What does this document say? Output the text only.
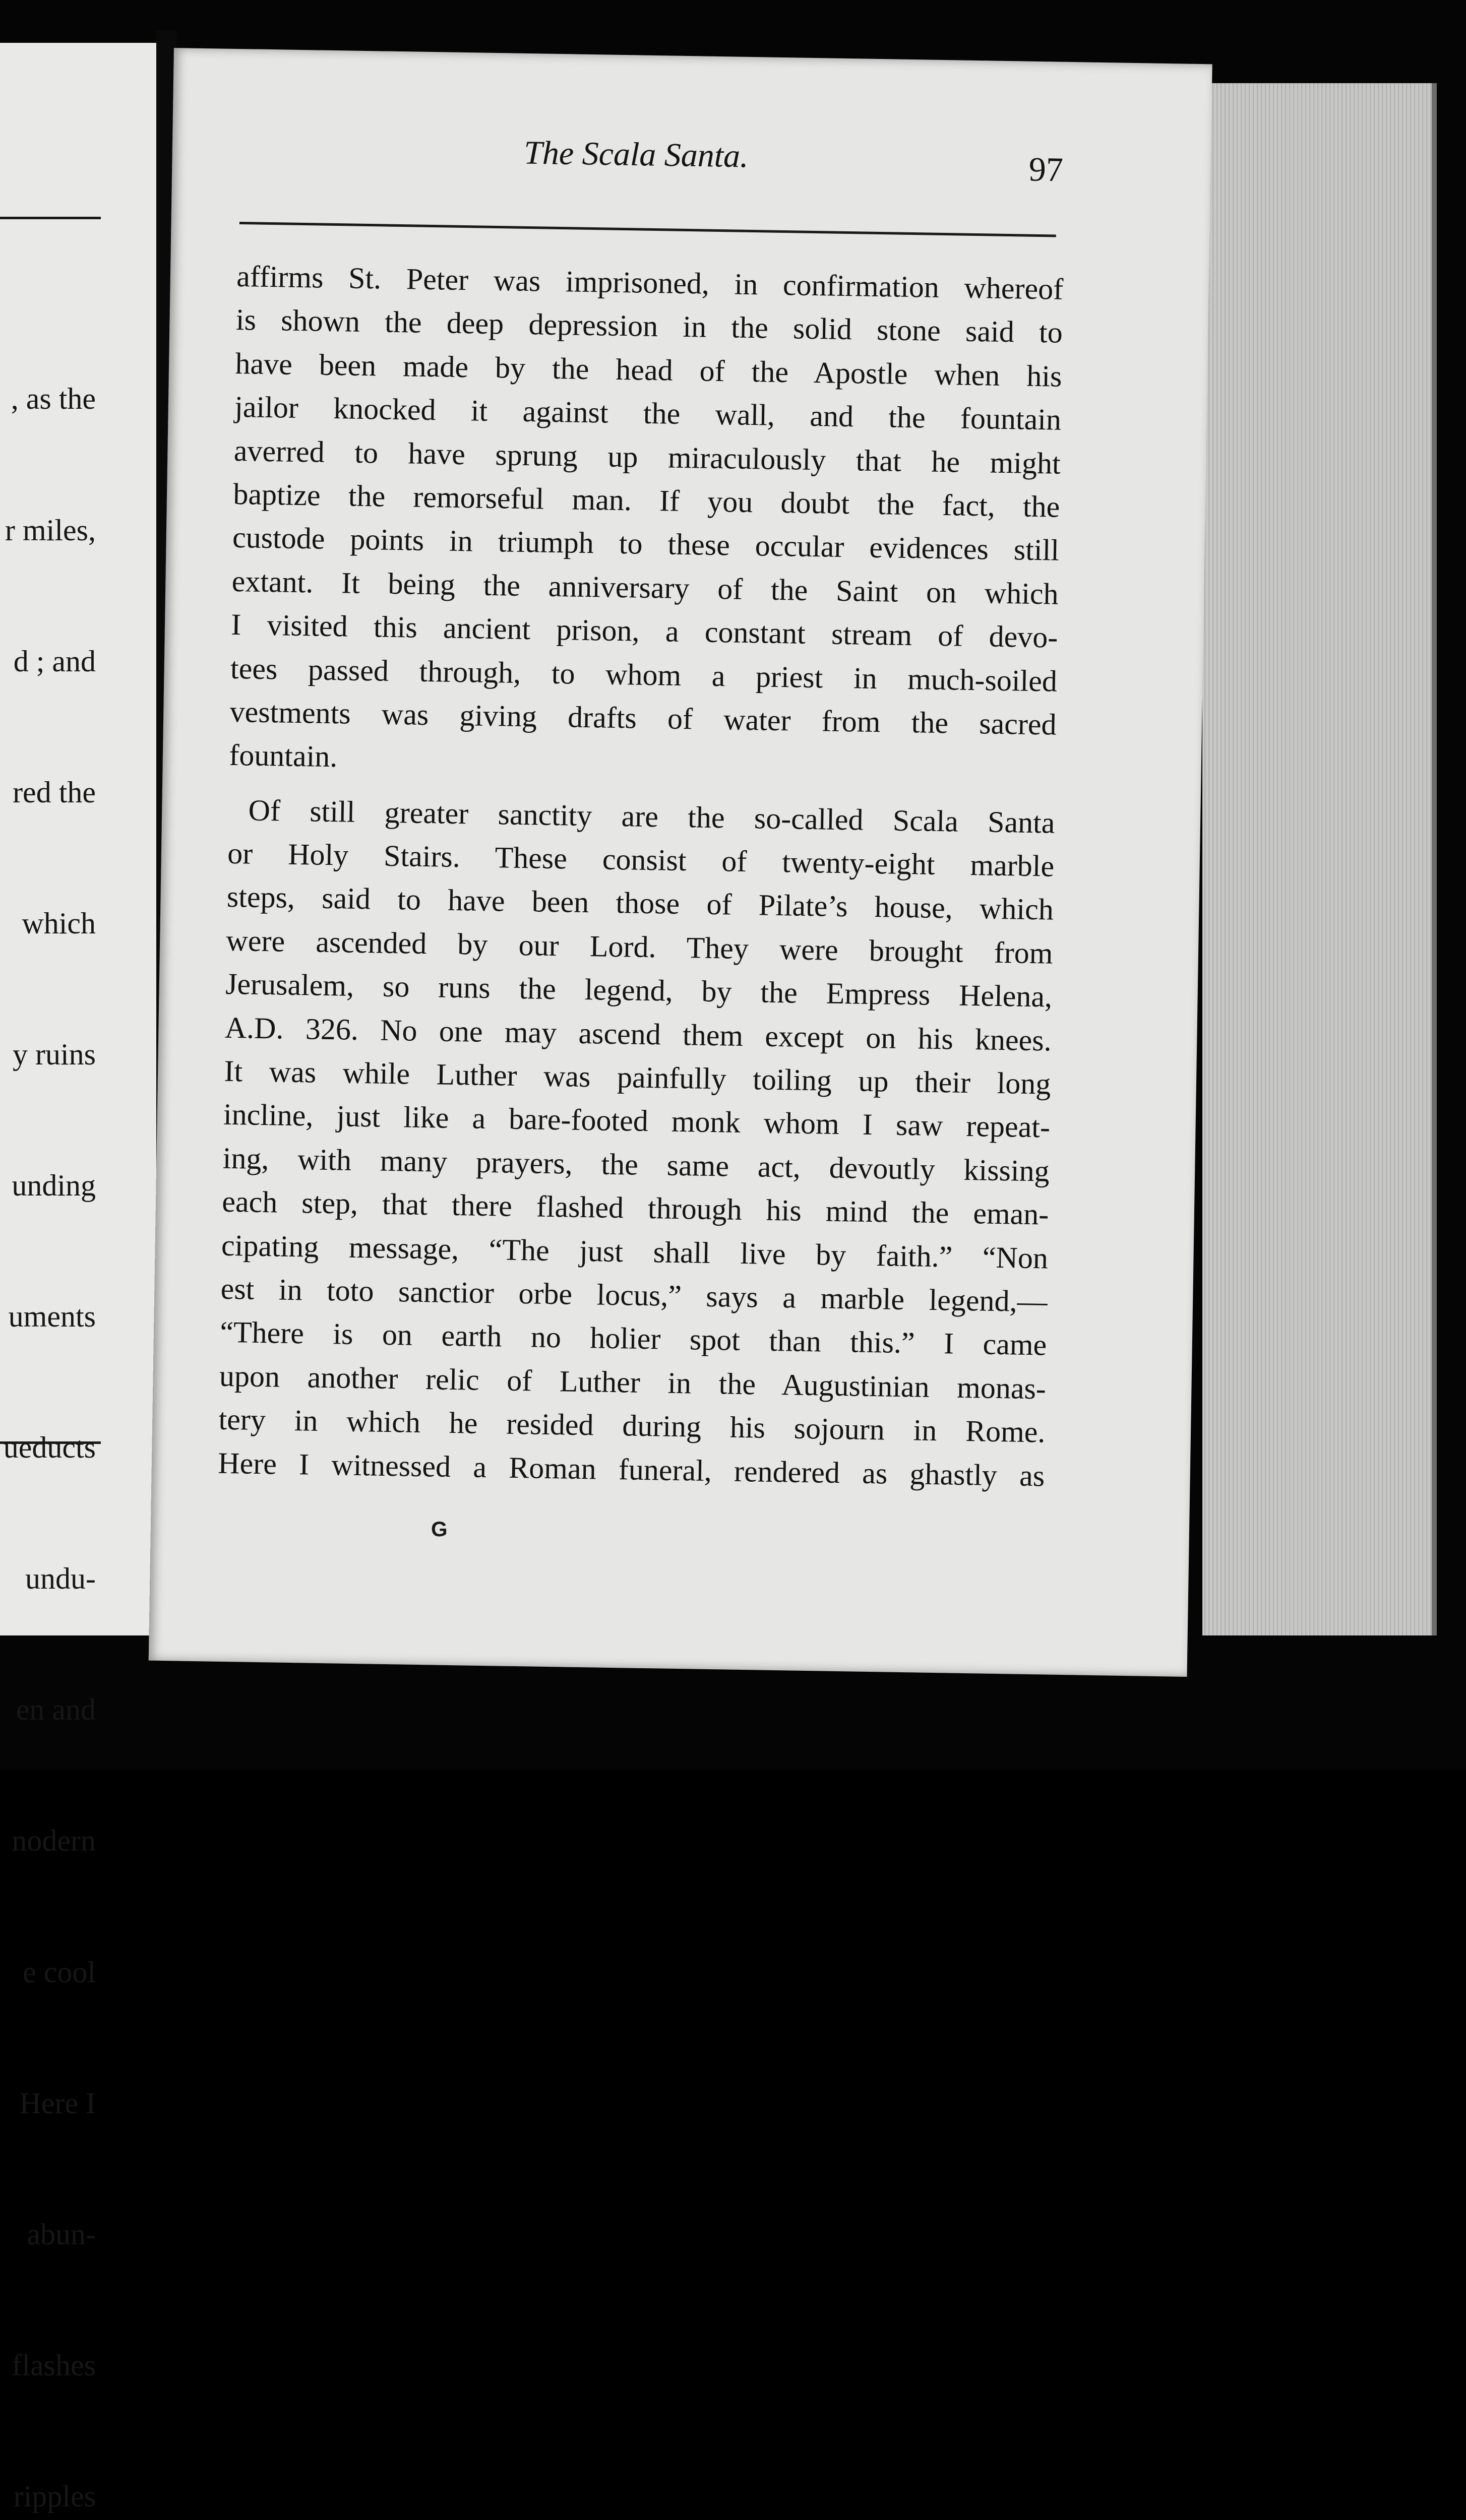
, as the

r miles,

d ; and

red the

which

y ruins

unding

uments

ueducts

undu-

en and

nodern

e cool

Here I

abun-

flashes

ripples

The Scala Santa.	97
affirms St. Peter was imprisoned, in confirmation whereof
is shown the deep depression in the solid stone said to
have been made by the head of the Apostle when his
jailor knocked it against the wall, and the fountain
averred to have sprung up miraculously that he might
baptize the remorseful man. If you doubt the fact, the
custode points in triumph to these occular evidences still
extant. It being the anniversary of the Saint on which
I visited this ancient prison, a constant stream of devo-
tees passed through, to whom a priest in much-soiled
vestments was giving drafts of water from the sacred
fountain.
Of still greater sanctity are the so-called Scala Santa
or Holy Stairs. These consist of twenty-eight marble
steps, said to have been those of Pilate’s house, which
were ascended by our Lord. They were brought from
Jerusalem, so runs the legend, by the Empress Helena,
A.D. 326. No one may ascend them except on his knees.
It was while Luther was painfully toiling up their long
incline, just like a bare-footed monk whom I saw repeat-
ing, with many prayers, the same act, devoutly kissing
each step, that there flashed through his mind the eman-
cipating message, “The just shall live by faith.” “Non
est in toto sanctior orbe locus,” says a marble legend,—
“There is on earth no holier spot than this.” I came
upon another relic of Luther in the Augustinian monas-
tery in which he resided during his sojourn in Rome.
Here I witnessed a Roman funeral, rendered as ghastly as
G
